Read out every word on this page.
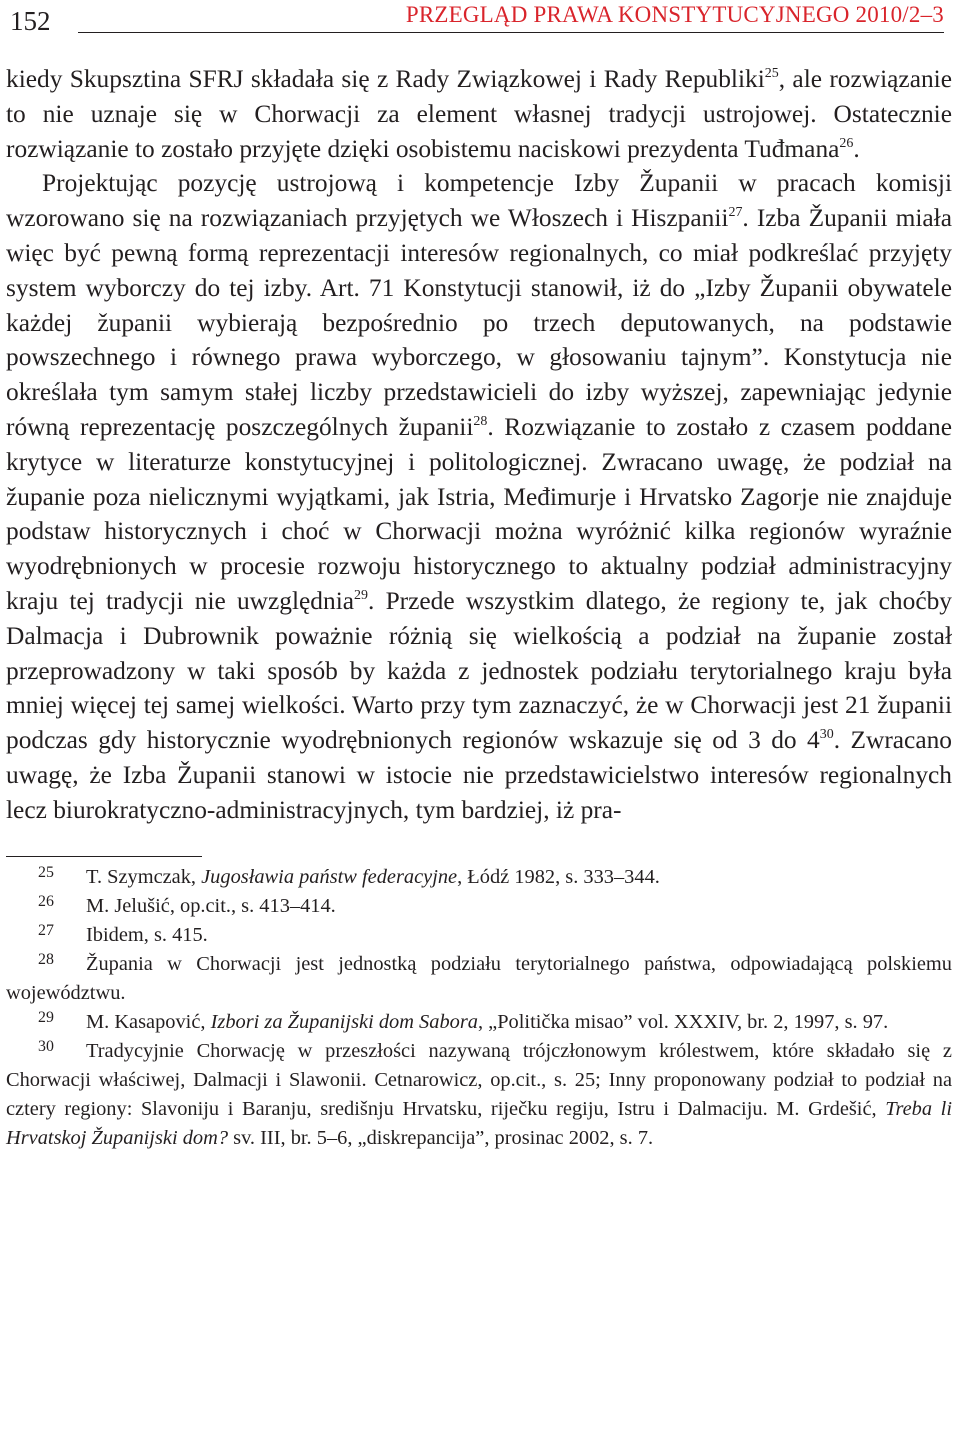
152	PRZEGLĄD PRAWA KONSTYTUCYJNEGO 2010/2–3

kiedy Skupsztina SFRJ składała się z Rady Związkowej i Rady Republiki$^{25}$, ale rozwiązanie to nie uznaje się w Chorwacji za element własnej tradycji ustrojowej. Ostatecznie rozwiązanie to zostało przyjęte dzięki osobistemu naciskowi prezydenta Tuđmana$^{26}$.

Projektując pozycję ustrojową i kompetencje Izby Županii w pracach komisji wzorowano się na rozwiązaniach przyjętych we Włoszech i Hiszpanii$^{27}$. Izba Županii miała więc być pewną formą reprezentacji interesów regionalnych, co miał podkreślać przyjęty system wyborczy do tej izby. Art. 71 Konstytucji stanowił, iż do „Izby Županii obywatele każdej županii wybierają bezpośrednio po trzech deputowanych, na podstawie powszechnego i równego prawa wyborczego, w głosowaniu tajnym”. Konstytucja nie określała tym samym stałej liczby przedstawicieli do izby wyższej, zapewniając jedynie równą reprezentację poszczególnych županii$^{28}$. Rozwiązanie to zostało z czasem poddane krytyce w literaturze konstytucyjnej i politologicznej. Zwracano uwagę, że podział na županie poza nielicznymi wyjątkami, jak Istria, Međimurje i Hrvatsko Zagorje nie znajduje podstaw historycznych i choć w Chorwacji można wyróżnić kilka regionów wyraźnie wyodrębnionych w procesie rozwoju historycznego to aktualny podział administracyjny kraju tej tradycji nie uwzględnia$^{29}$. Przede wszystkim dlatego, że regiony te, jak choćby Dalmacja i Dubrownik poważnie różnią się wielkością a podział na županie został przeprowadzony w taki sposób by każda z jednostek podziału terytorialnego kraju była mniej więcej tej samej wielkości. Warto przy tym zaznaczyć, że w Chorwacji jest 21 županii podczas gdy historycznie wyodrębnionych regionów wskazuje się od 3 do $4^{30}$. Zwracano uwagę, że Izba Županii stanowi w istocie nie przedstawicielstwo interesów regionalnych lecz biurokratyczno-administracyjnych, tym bardziej, iż pra-

25 T. Szymczak, Jugosławia państw federacyjne, Łódź 1982, s. 333–344.

26 M. Jelušić, op.cit., s. 413–414.

27 Ibidem, s. 415.

28 Župania w Chorwacji jest jednostką podziału terytorialnego państwa, odpowiadającą polskiemu województwu.

29 M. Kasapović, Izbori za Županijski dom Sabora, „Politička misao” vol. XXXIV, br. 2, 1997, s. 97.

30 Tradycyjnie Chorwację w przeszłości nazywaną trójczłonowym królestwem, które składało się z Chorwacji właściwej, Dalmacji i Slawonii. Cetnarowicz, op.cit., s. 25; Inny proponowany podział to podział na cztery regiony: Slavoniju i Baranju, središnju Hrvatsku, riječku regiju, Istru i Dalmaciju. M. Grdešić, Treba li Hrvatskoj Županijski dom? sv. III, br. 5–6, „diskrepancija”, prosinac 2002, s. 7.
